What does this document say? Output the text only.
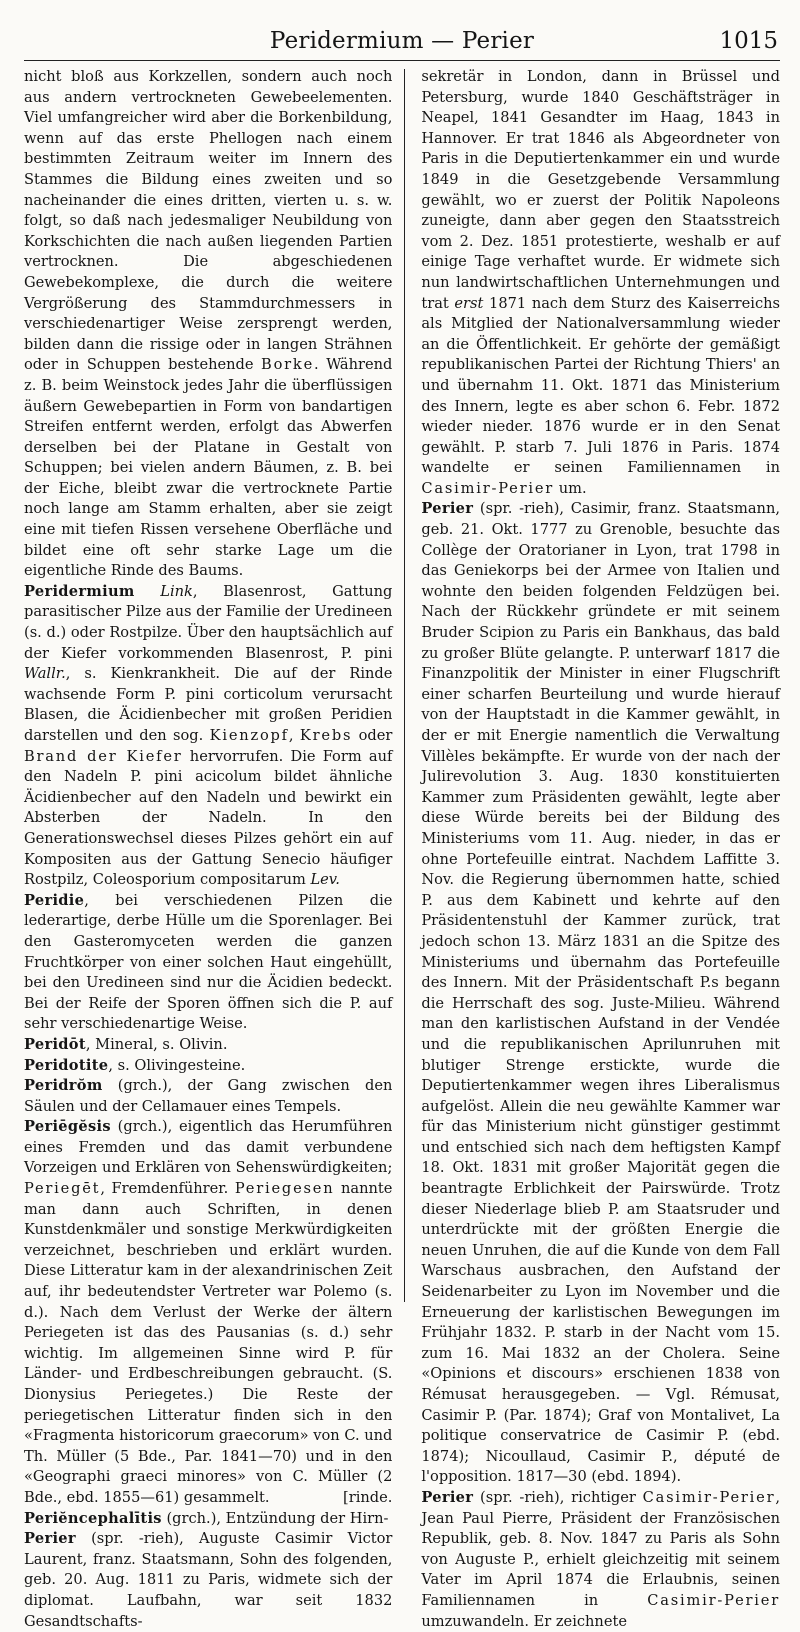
Peridermium — Perier	1015

nicht bloß aus Korkzellen, sondern auch noch aus andern vertrockneten Gewebeelementen. Viel umfangreicher wird aber die Borkenbildung, wenn auf das erste Phellogen nach einem bestimmten Zeitraum weiter im Innern des Stammes die Bildung eines zweiten und so nacheinander die eines dritten, vierten u. s. w. folgt, so daß nach jedesmaliger Neubildung von Korkschichten die nach außen liegenden Partien vertrocknen. Die abgeschiedenen Gewebekomplexe, die durch die weitere Vergrößerung des Stammdurchmessers in verschiedenartiger Weise zersprengt werden, bilden dann die rissige oder in langen Strähnen oder in Schuppen bestehende Borke. Während z. B. beim Weinstock jedes Jahr die überflüssigen äußern Gewebepartien in Form von bandartigen Streifen entfernt werden, erfolgt das Abwerfen derselben bei der Platane in Gestalt von Schuppen; bei vielen andern Bäumen, z. B. bei der Eiche, bleibt zwar die vertrocknete Partie noch lange am Stamm erhalten, aber sie zeigt eine mit tiefen Rissen versehene Oberfläche und bildet eine oft sehr starke Lage um die eigentliche Rinde des Baums.

Peridermium Link, Blasenrost, Gattung parasitischer Pilze aus der Familie der Uredineen (s. d.) oder Rostpilze. Über den hauptsächlich auf der Kiefer vorkommenden Blasenrost, P. pini Wallr., s. Kienkrankheit. Die auf der Rinde wachsende Form P. pini corticolum verursacht Blasen, die Äcidienbecher mit großen Peridien darstellen und den sog. Kienzopf, Krebs oder Brand der Kiefer hervorrufen. Die Form auf den Nadeln P. pini acicolum bildet ähnliche Äcidienbecher auf den Nadeln und bewirkt ein Absterben der Nadeln. In den Generationswechsel dieses Pilzes gehört ein auf Kompositen aus der Gattung Senecio häufiger Rostpilz, Coleosporium compositarum Lev.

Peridie, bei verschiedenen Pilzen die lederartige, derbe Hülle um die Sporenlager. Bei den Gasteromyceten werden die ganzen Fruchtkörper von einer solchen Haut eingehüllt, bei den Uredineen sind nur die Äcidien bedeckt. Bei der Reife der Sporen öffnen sich die P. auf sehr verschiedenartige Weise.

Peridōt, Mineral, s. Olivin.

Peridotite, s. Olivingesteine.

Peridrŏm (grch.), der Gang zwischen den Säulen und der Cellamauer eines Tempels.

Periēgĕsis (grch.), eigentlich das Herumführen eines Fremden und das damit verbundene Vorzeigen und Erklären von Sehenswürdigkeiten; Periegēt, Fremdenführer. Periegesen nannte man dann auch Schriften, in denen Kunstdenkmäler und sonstige Merkwürdigkeiten verzeichnet, beschrieben und erklärt wurden. Diese Litteratur kam in der alexandrinischen Zeit auf, ihr bedeutendster Vertreter war Polemo (s. d.). Nach dem Verlust der Werke der ältern Periegeten ist das des Pausanias (s. d.) sehr wichtig. Im allgemeinen Sinne wird P. für Länder- und Erdbeschreibungen gebraucht. (S. Dionysius Periegetes.) Die Reste der periegetischen Litteratur finden sich in den «Fragmenta historicorum graecorum» von C. und Th. Müller (5 Bde., Par. 1841—70) und in den «Geographi graeci minores» von C. Müller (2 Bde., ebd. 1855—61) gesammelt.	[rinde.

Periĕncephalītis (grch.), Entzündung der Hirn-

Perier (spr. -rieh), Auguste Casimir Victor Laurent, franz. Staatsmann, Sohn des folgenden, geb. 20. Aug. 1811 zu Paris, widmete sich der diplomat. Laufbahn, war seit 1832 Gesandtschafts-

sekretär in London, dann in Brüssel und Petersburg, wurde 1840 Geschäftsträger in Neapel, 1841 Gesandter im Haag, 1843 in Hannover. Er trat 1846 als Abgeordneter von Paris in die Deputiertenkammer ein und wurde 1849 in die Gesetzgebende Versammlung gewählt, wo er zuerst der Politik Napoleons zuneigte, dann aber gegen den Staatsstreich vom 2. Dez. 1851 protestierte, weshalb er auf einige Tage verhaftet wurde. Er widmete sich nun landwirtschaftlichen Unternehmungen und trat erst 1871 nach dem Sturz des Kaiserreichs als Mitglied der Nationalversammlung wieder an die Öffentlichkeit. Er gehörte der gemäßigt republikanischen Partei der Richtung Thiers' an und übernahm 11. Okt. 1871 das Ministerium des Innern, legte es aber schon 6. Febr. 1872 wieder nieder. 1876 wurde er in den Senat gewählt. P. starb 7. Juli 1876 in Paris. 1874 wandelte er seinen Familiennamen in Casimir-Perier um.

Perier (spr. -rieh), Casimir, franz. Staatsmann, geb. 21. Okt. 1777 zu Grenoble, besuchte das Collège der Oratorianer in Lyon, trat 1798 in das Geniekorps bei der Armee von Italien und wohnte den beiden folgenden Feldzügen bei. Nach der Rückkehr gründete er mit seinem Bruder Scipion zu Paris ein Bankhaus, das bald zu großer Blüte gelangte. P. unterwarf 1817 die Finanzpolitik der Minister in einer Flugschrift einer scharfen Beurteilung und wurde hierauf von der Hauptstadt in die Kammer gewählt, in der er mit Energie namentlich die Verwaltung Villèles bekämpfte. Er wurde von der nach der Julirevolution 3. Aug. 1830 konstituierten Kammer zum Präsidenten gewählt, legte aber diese Würde bereits bei der Bildung des Ministeriums vom 11. Aug. nieder, in das er ohne Portefeuille eintrat. Nachdem Laffitte 3. Nov. die Regierung übernommen hatte, schied P. aus dem Kabinett und kehrte auf den Präsidentenstuhl der Kammer zurück, trat jedoch schon 13. März 1831 an die Spitze des Ministeriums und übernahm das Portefeuille des Innern. Mit der Präsidentschaft P.s begann die Herrschaft des sog. Juste-Milieu. Während man den karlistischen Aufstand in der Vendée und die republikanischen Aprilunruhen mit blutiger Strenge erstickte, wurde die Deputiertenkammer wegen ihres Liberalismus aufgelöst. Allein die neu gewählte Kammer war für das Ministerium nicht günstiger gestimmt und entschied sich nach dem heftigsten Kampf 18. Okt. 1831 mit großer Majorität gegen die beantragte Erblichkeit der Pairswürde. Trotz dieser Niederlage blieb P. am Staatsruder und unterdrückte mit der größten Energie die neuen Unruhen, die auf die Kunde von dem Fall Warschaus ausbrachen, den Aufstand der Seidenarbeiter zu Lyon im November und die Erneuerung der karlistischen Bewegungen im Frühjahr 1832. P. starb in der Nacht vom 15. zum 16. Mai 1832 an der Cholera. Seine «Opinions et discours» erschienen 1838 von Rémusat herausgegeben. — Vgl. Rémusat, Casimir P. (Par. 1874); Graf von Montalivet, La politique conservatrice de Casimir P. (ebd. 1874); Nicoullaud, Casimir P., député de l'opposition. 1817—30 (ebd. 1894).

Perier (spr. -rieh), richtiger Casimir-Perier, Jean Paul Pierre, Präsident der Französischen Republik, geb. 8. Nov. 1847 zu Paris als Sohn von Auguste P., erhielt gleichzeitig mit seinem Vater im April 1874 die Erlaubnis, seinen Familiennamen in Casimir-Perier umzuwandeln. Er zeichnete
